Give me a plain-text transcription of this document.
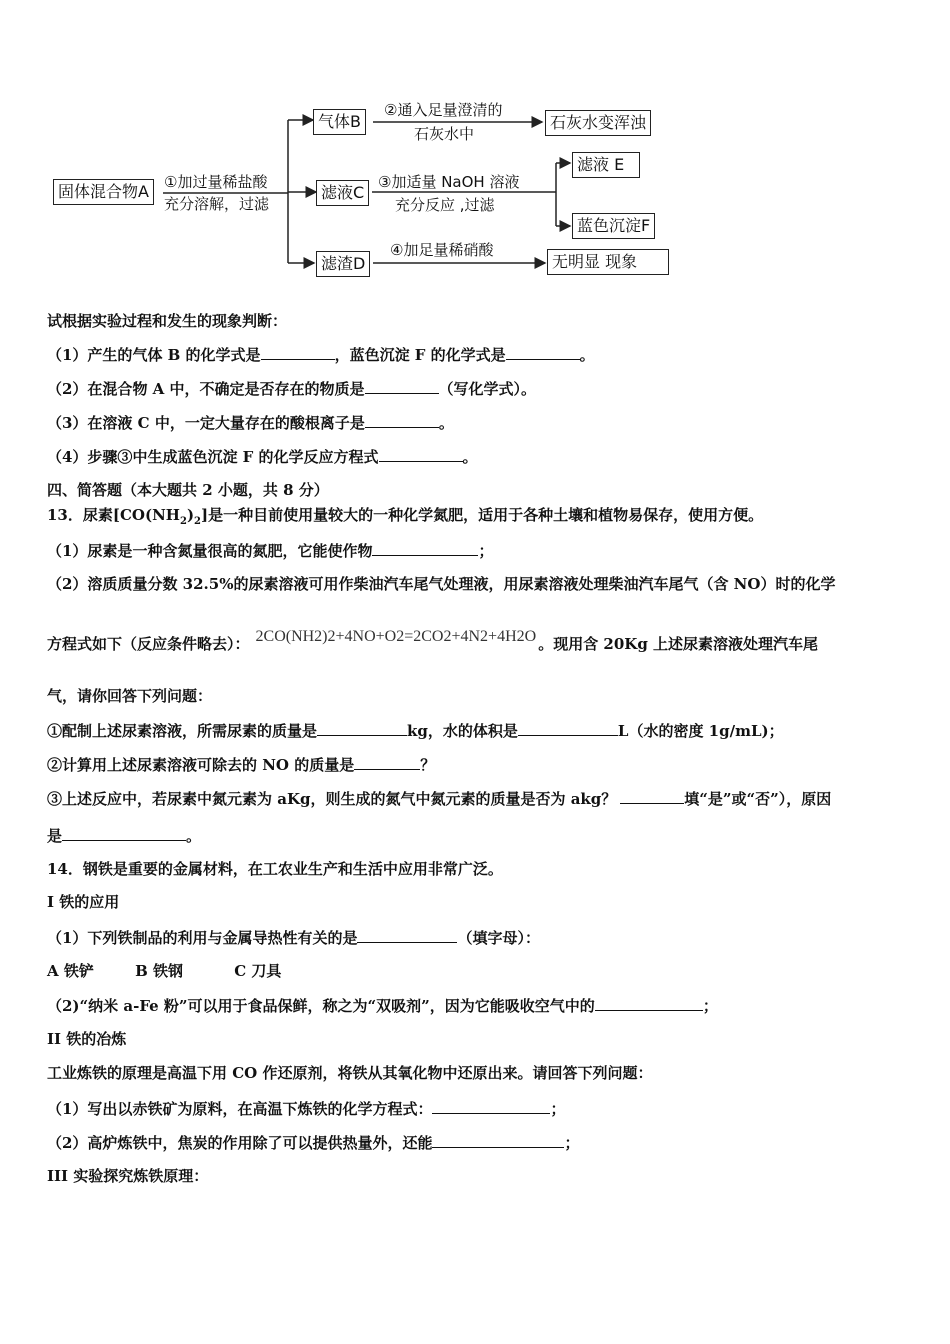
固体混合物A	①加过量稀盐酸
充分溶解，过滤
气体B
②通入足量澄清的
石灰水中
石灰水变浑浊
滤液C
③加适量 NaOH 溶液
充分反应 ,过滤
滤液 E
蓝色沉淀F
滤渣D
④加足量稀硝酸
无明显 现象
试根据实验过程和发生的现象判断：
（1）产生的气体 B 的化学式是	，蓝色沉淀 F 的化学式是	。
（2）在混合物 A 中，不确定是否存在的物质是	（写化学式）。
（3）在溶液 C 中，一定大量存在的酸根离子是	。
（4）步骤③中生成蓝色沉淀 F 的化学反应方程式	。
四、简答题（本大题共 2 小题，共 8 分）
13．尿素$[CO(NH_2)_2]$是一种目前使用量较大的一种化学氮肥，适用于各种土壤和植物易保存，使用方便。
（1）尿素是一种含氮量很高的氮肥，它能使作物	；
（2）溶质质量分数 32.5%的尿素溶液可用作柴油汽车尾气处理液，用尿素溶液处理柴油汽车尾气（含 NO）时的化学
方程式如下（反应条件略去）： 2CO(NH2)2+4NO+O2=2CO2+4N2+4H2O 。现用含 20Kg 上述尿素溶液处理汽车尾
气，请你回答下列问题：
①配制上述尿素溶液，所需尿素的质量是	kg，水的体积是	L（水的密度 1g/mL)；
②计算用上述尿素溶液可除去的 NO 的质量是	？
③上述反应中，若尿素中氮元素为 aKg，则生成的氮气中氮元素的质量是否为 akg？	填“是”或“否”），原因
是	。
14．钢铁是重要的金属材料，在工农业生产和生活中应用非常广泛。
I 铁的应用
（1）下列铁制品的利用与金属导热性有关的是	（填字母）：
A 铁铲	B 铁钢	C 刀具
（2)“纳米 a-Fe 粉”可以用于食品保鲜，称之为“双吸剂”，因为它能吸收空气中的	；
II 铁的冶炼
工业炼铁的原理是高温下用 CO 作还原剂，将铁从其氧化物中还原出来。请回答下列问题：
（1）写出以赤铁矿为原料，在高温下炼铁的化学方程式：	；
（2）高炉炼铁中，焦炭的作用除了可以提供热量外，还能	；
III 实验探究炼铁原理：
